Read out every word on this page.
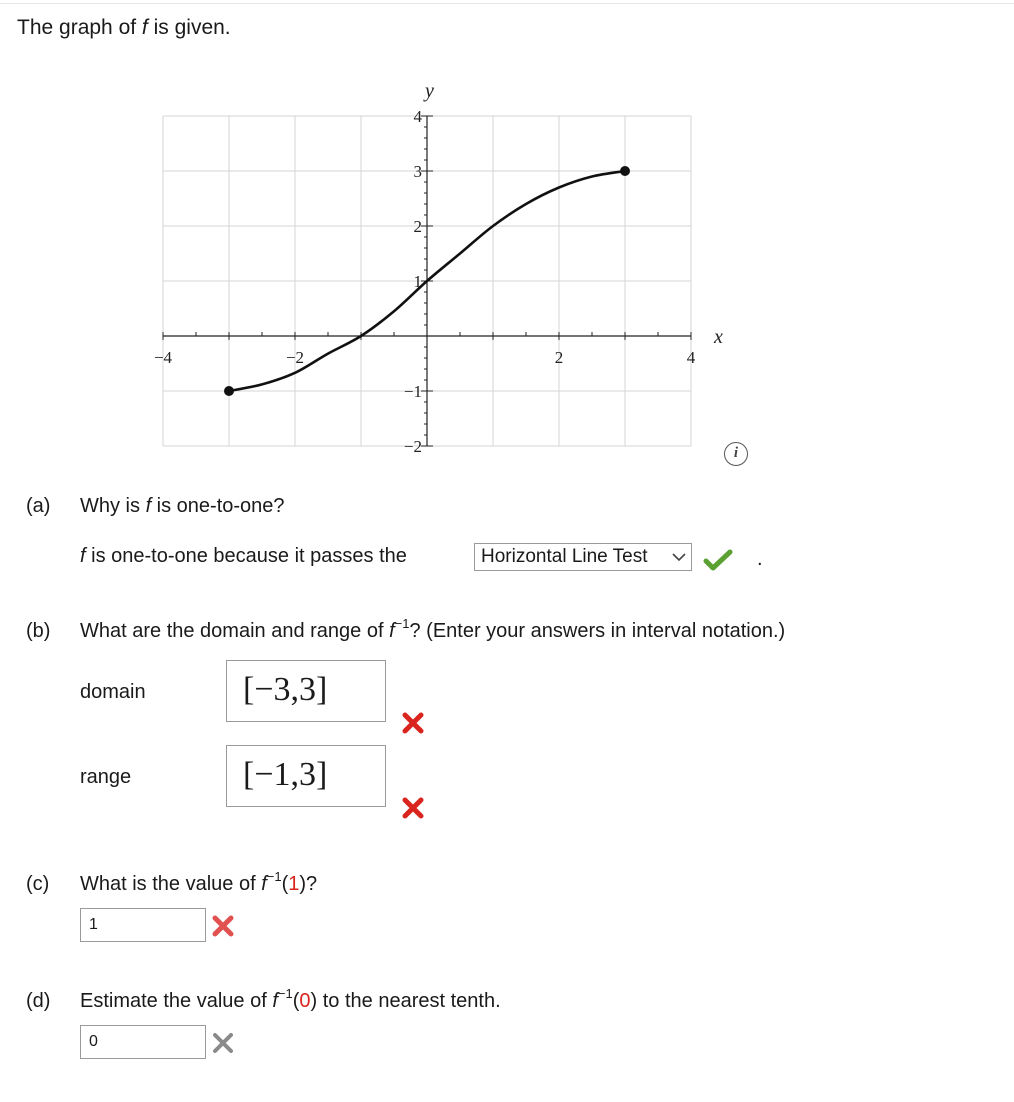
The graph of f is given.
−4	−2	2	4
4
3
2
1
−1
−2
x
y
i
(a) Why is f is one-to-one?
f is one-to-one because it passes the	Horizontal Line Test	.
(b) What are the domain and range of $f^{-1}$? (Enter your answers in interval notation.)
domain	[−3,3]
range	[−1,3]
(c) What is the value of $f^{-1}(1)$?
1
(d) Estimate the value of $f^{-1}(0)$ to the nearest tenth.
0
